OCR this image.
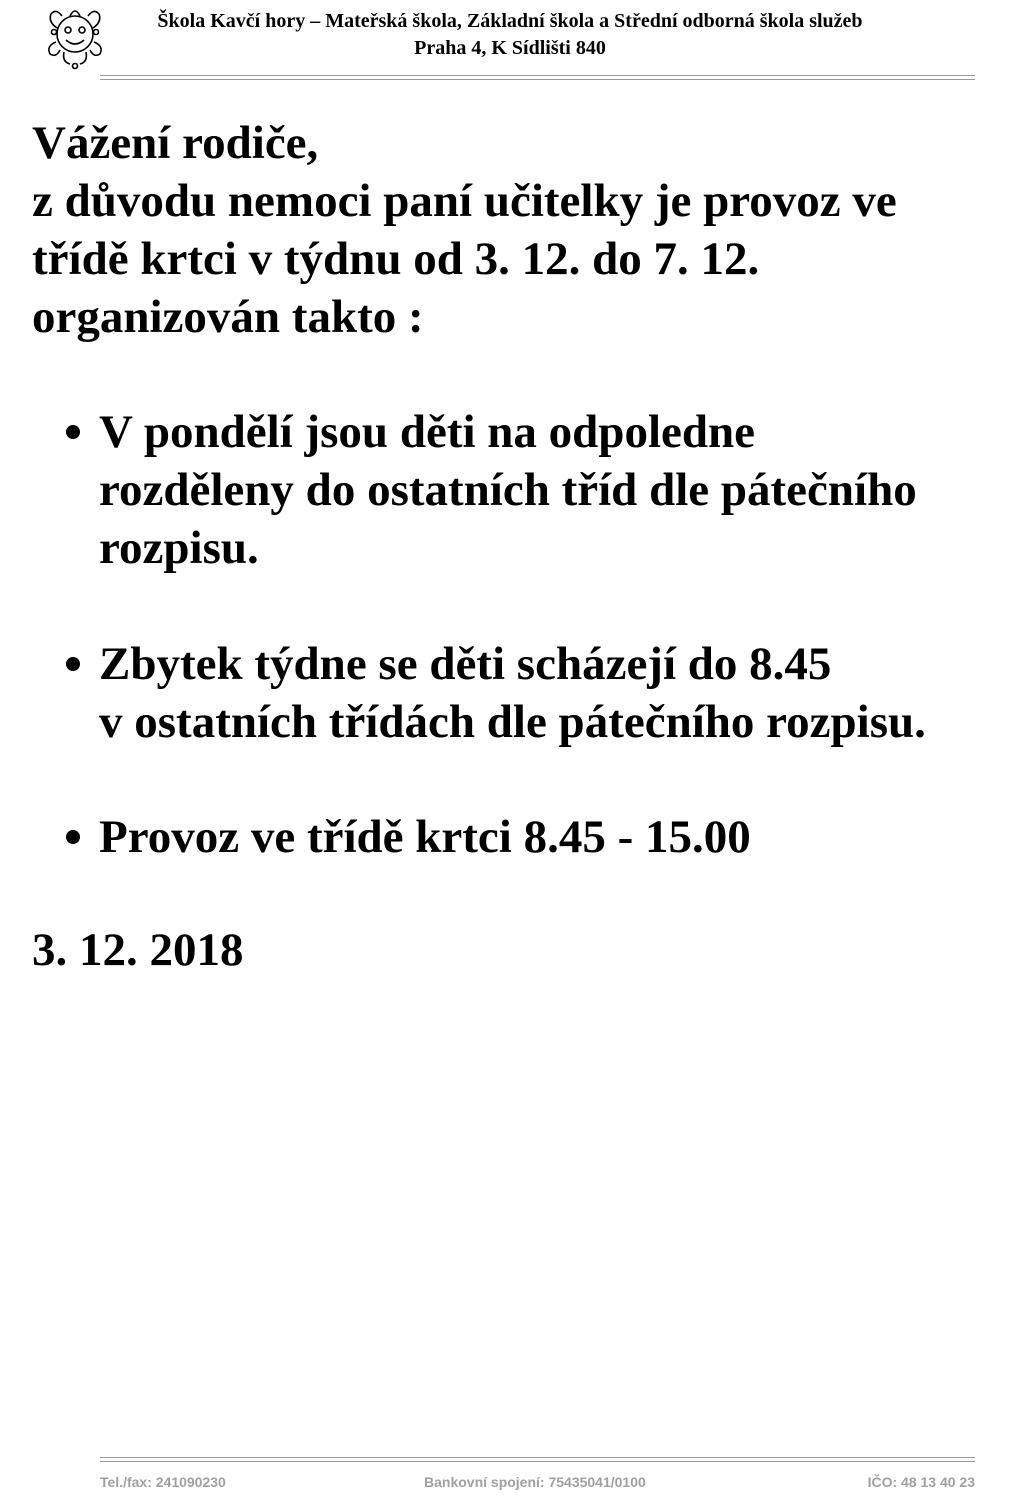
Škola Kavčí hory – Mateřská škola, Základní škola a Střední odborná škola služeb
Praha 4, K Sídlišti 840
Vážení rodiče,
z důvodu nemoci paní učitelky je provoz ve
třídě krtci v týdnu od 3. 12. do 7. 12.
organizován takto :
V pondělí jsou děti na odpoledne
rozděleny do ostatních tříd dle pátečního
rozpisu.
Zbytek týdne se děti scházejí do 8.45
v ostatních třídách dle pátečního rozpisu.
Provoz ve třídě krtci 8.45 - 15.00
3. 12. 2018
Tel./fax: 241090230	Bankovní spojení: 75435041/0100	IČO: 48 13 40 23
